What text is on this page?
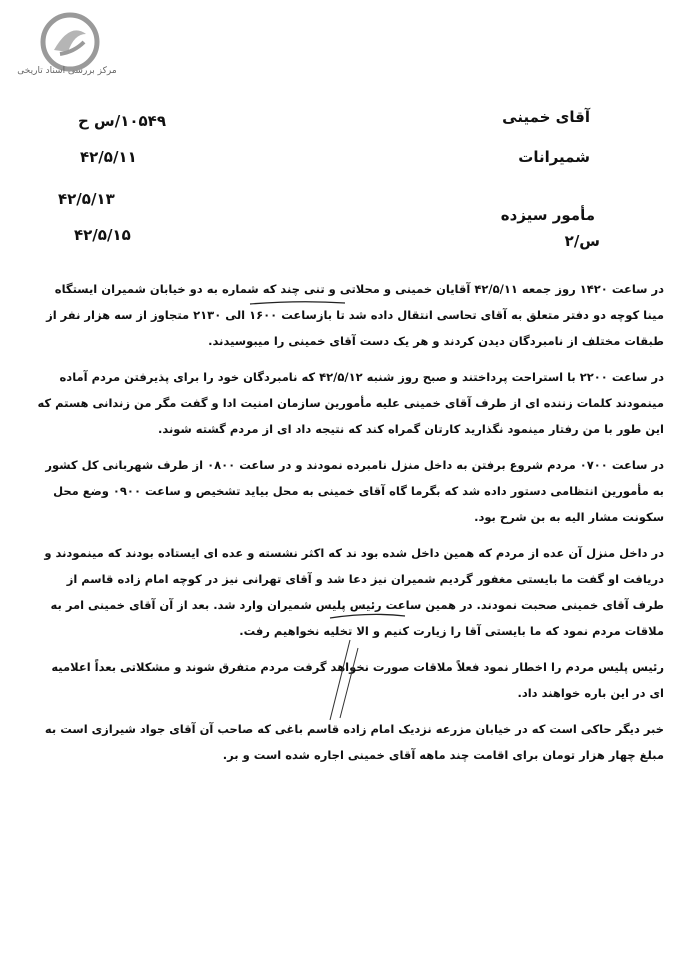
مرکز بررسی اسناد تاریخی
آقای خمینی
شمیرانات
مأمور سیزده
س/۲
۱۰۵۴۹/س ح
۴۲/۵/۱۱
۴۲/۵/۱۳
۴۲/۵/۱۵

در ساعت ۱۴۲۰ روز جمعه ۴۲/۵/۱۱ آقایان خمینی و محلاتی و تنی چند که شماره به دو خیابان شمیران ایستگاه مینا کوچه دو دفتر متعلق به آقای تحاسی انتقال داده شد تا بازساعت ۱۶۰۰ الی ۲۱۳۰ متجاوز از سه هزار نفر از طبقات مختلف از نامبردگان دیدن کردند و هر یک دست آقای خمینی را میبوسیدند.

در ساعت ۲۲۰۰ با استراحت پرداختند و صبح روز شنبه ۴۲/۵/۱۲ که نامبردگان خود را برای پذیرفتن مردم آماده مینمودند کلمات زننده ای از طرف آقای خمینی علیه مأمورین سازمان امنیت ادا و گفت مگر من زندانی هستم که این طور با من رفتار مینمود نگذارید کارتان گمراه کند که نتیجه داد ای از مردم گشته شوند.

در ساعت ۰۷۰۰ مردم شروع برفتن به داخل منزل نامبرده نمودند و در ساعت ۰۸۰۰ از طرف شهربانی کل کشور به مأمورین انتظامی دستور داده شد که بگرما گاه آقای خمینی به محل بیاید تشخیص و ساعت ۰۹۰۰ وضع محل سکونت مشار الیه به بن شرح بود.

در داخل منزل آن عده از مردم که همین داخل شده بود ند که اکثر نشسته و عده ای ایستاده بودند که مینمودند و دریافت او گفت ما بایستی مغفور گردیم شمیران نیز دعا شد و آقای تهرانی نیز در کوچه امام زاده قاسم از طرف آقای خمینی صحبت نمودند. در همین ساعت رئیس پلیس شمیران وارد شد. بعد از آن آقای خمینی امر به ملاقات مردم نمود که ما بایستی آقا را زیارت کنیم و الا تخلیه نخواهیم رفت.

رئیس پلیس مردم را اخطار نمود فعلاً ملاقات صورت نخواهد گرفت مردم متفرق شوند و مشکلاتی بعداً اعلامیه ای در این باره خواهند داد.

خبر دیگر حاکی است که در خیابان مزرعه نزدیک امام زاده قاسم باغی که صاحب آن آقای جواد شیرازی است به مبلغ چهار هزار تومان برای اقامت چند ماهه آقای خمینی اجاره شده است و بر.
